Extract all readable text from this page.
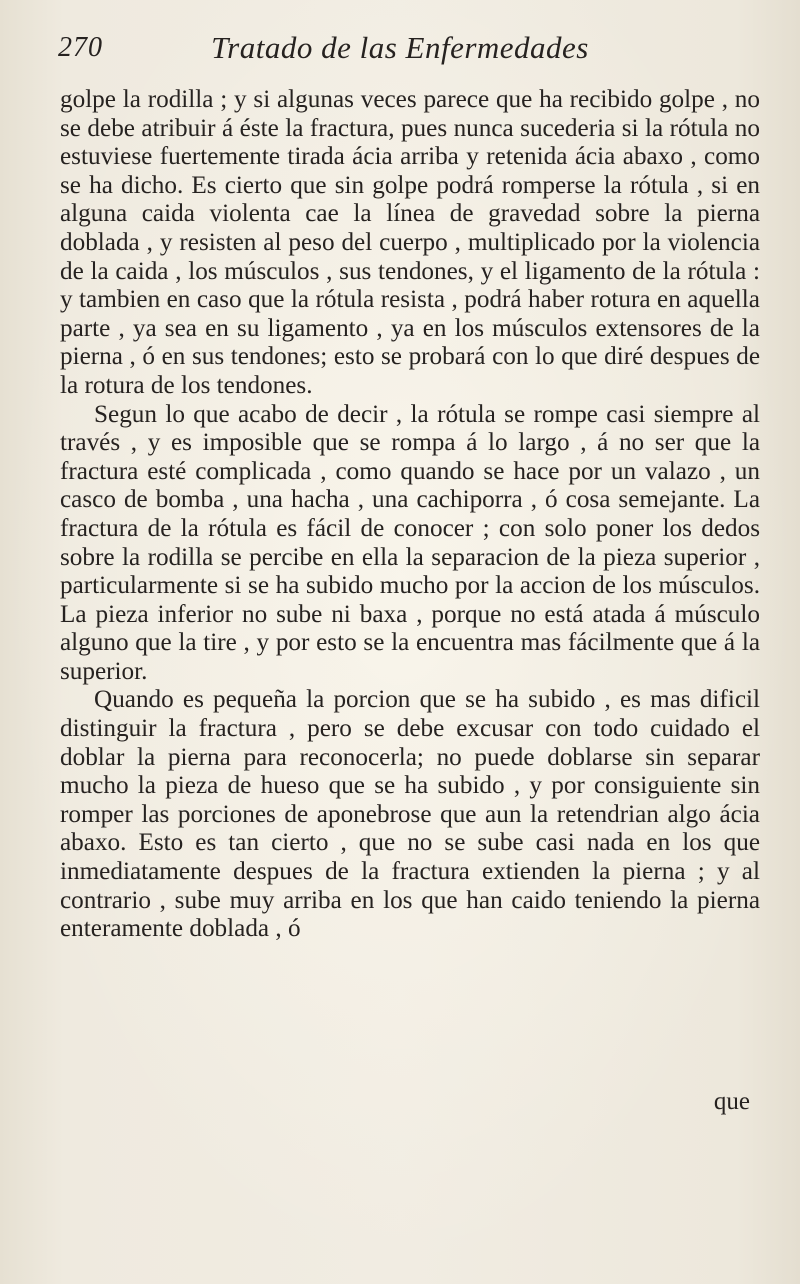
270	Tratado de las Enfermedades

golpe la rodilla ; y si algunas veces parece que ha recibido golpe , no se debe atribuir á éste la fractura, pues nunca sucederia si la rótula no estuviese fuertemente tirada ácia arriba y retenida ácia abaxo , como se ha dicho. Es cierto que sin golpe podrá romperse la rótula , si en alguna caida violenta cae la línea de gravedad sobre la pierna doblada , y resisten al peso del cuerpo , multiplicado por la violencia de la caida , los músculos , sus tendones, y el ligamento de la rótula : y tambien en caso que la rótula resista , podrá haber rotura en aquella parte , ya sea en su ligamento , ya en los músculos extensores de la pierna , ó en sus tendones; esto se probará con lo que diré despues de la rotura de los tendones.

Segun lo que acabo de decir , la rótula se rompe casi siempre al través , y es imposible que se rompa á lo largo , á no ser que la fractura esté complicada , como quando se hace por un valazo , un casco de bomba , una hacha , una cachiporra , ó cosa semejante. La fractura de la rótula es fácil de conocer ; con solo poner los dedos sobre la rodilla se percibe en ella la separacion de la pieza superior , particularmente si se ha subido mucho por la accion de los músculos. La pieza inferior no sube ni baxa , porque no está atada á músculo alguno que la tire , y por esto se la encuentra mas fácilmente que á la superior.

Quando es pequeña la porcion que se ha subido , es mas dificil distinguir la fractura , pero se debe excusar con todo cuidado el doblar la pierna para reconocerla; no puede doblarse sin separar mucho la pieza de hueso que se ha subido , y por consiguiente sin romper las porciones de aponebrose que aun la retendrian algo ácia abaxo. Esto es tan cierto , que no se sube casi nada en los que inmediatamente despues de la fractura extienden la pierna ; y al contrario , sube muy arriba en los que han caido teniendo la pierna enteramente doblada , ó

que
